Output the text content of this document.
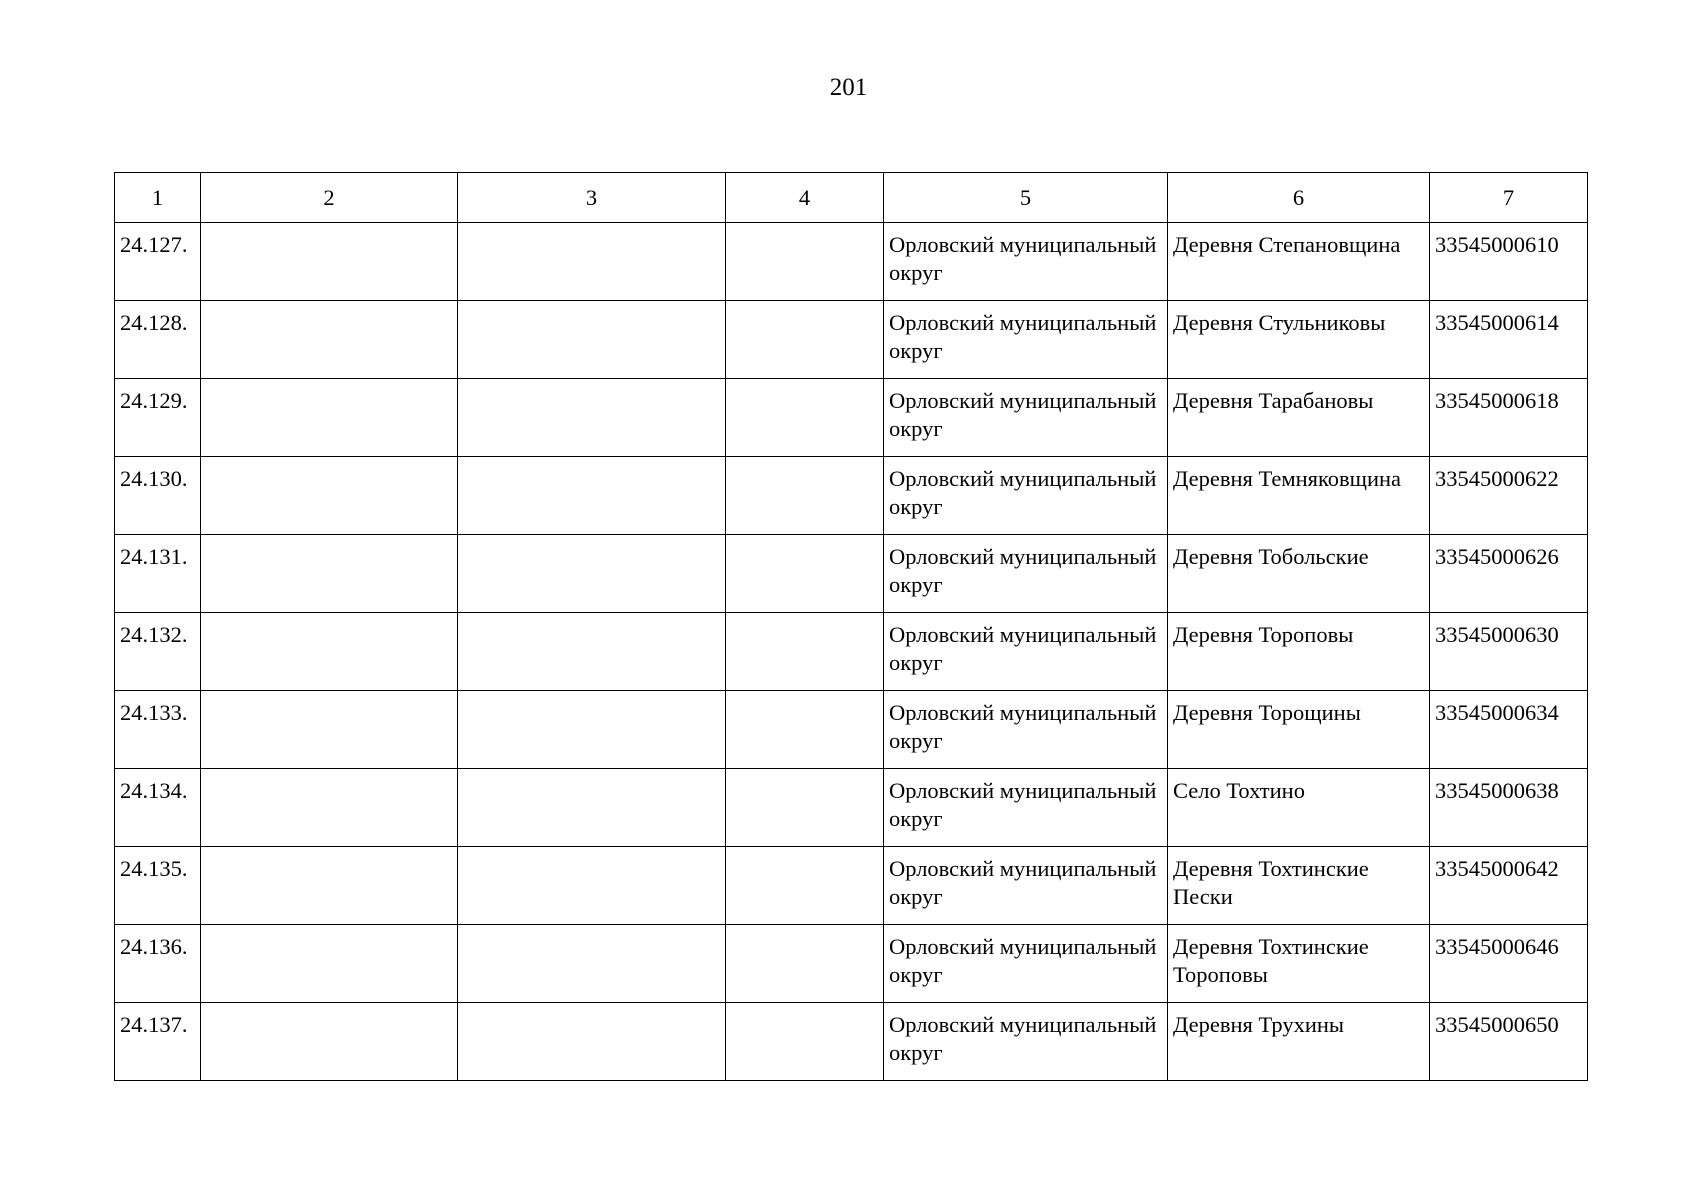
201
1	2	3	4	5	6	7
24.127.				Орловский муниципальный округ	Деревня Степановщина	33545000610
24.128.				Орловский муниципальный округ	Деревня Стульниковы	33545000614
24.129.				Орловский муниципальный округ	Деревня Тарабановы	33545000618
24.130.				Орловский муниципальный округ	Деревня Темняковщина	33545000622
24.131.				Орловский муниципальный округ	Деревня Тобольские	33545000626
24.132.				Орловский муниципальный округ	Деревня Тороповы	33545000630
24.133.				Орловский муниципальный округ	Деревня Торощины	33545000634
24.134.				Орловский муниципальный округ	Село Тохтино	33545000638
24.135.				Орловский муниципальный округ	Деревня Тохтинские Пески	33545000642
24.136.				Орловский муниципальный округ	Деревня Тохтинские Тороповы	33545000646
24.137.				Орловский муниципальный округ	Деревня Трухины	33545000650
